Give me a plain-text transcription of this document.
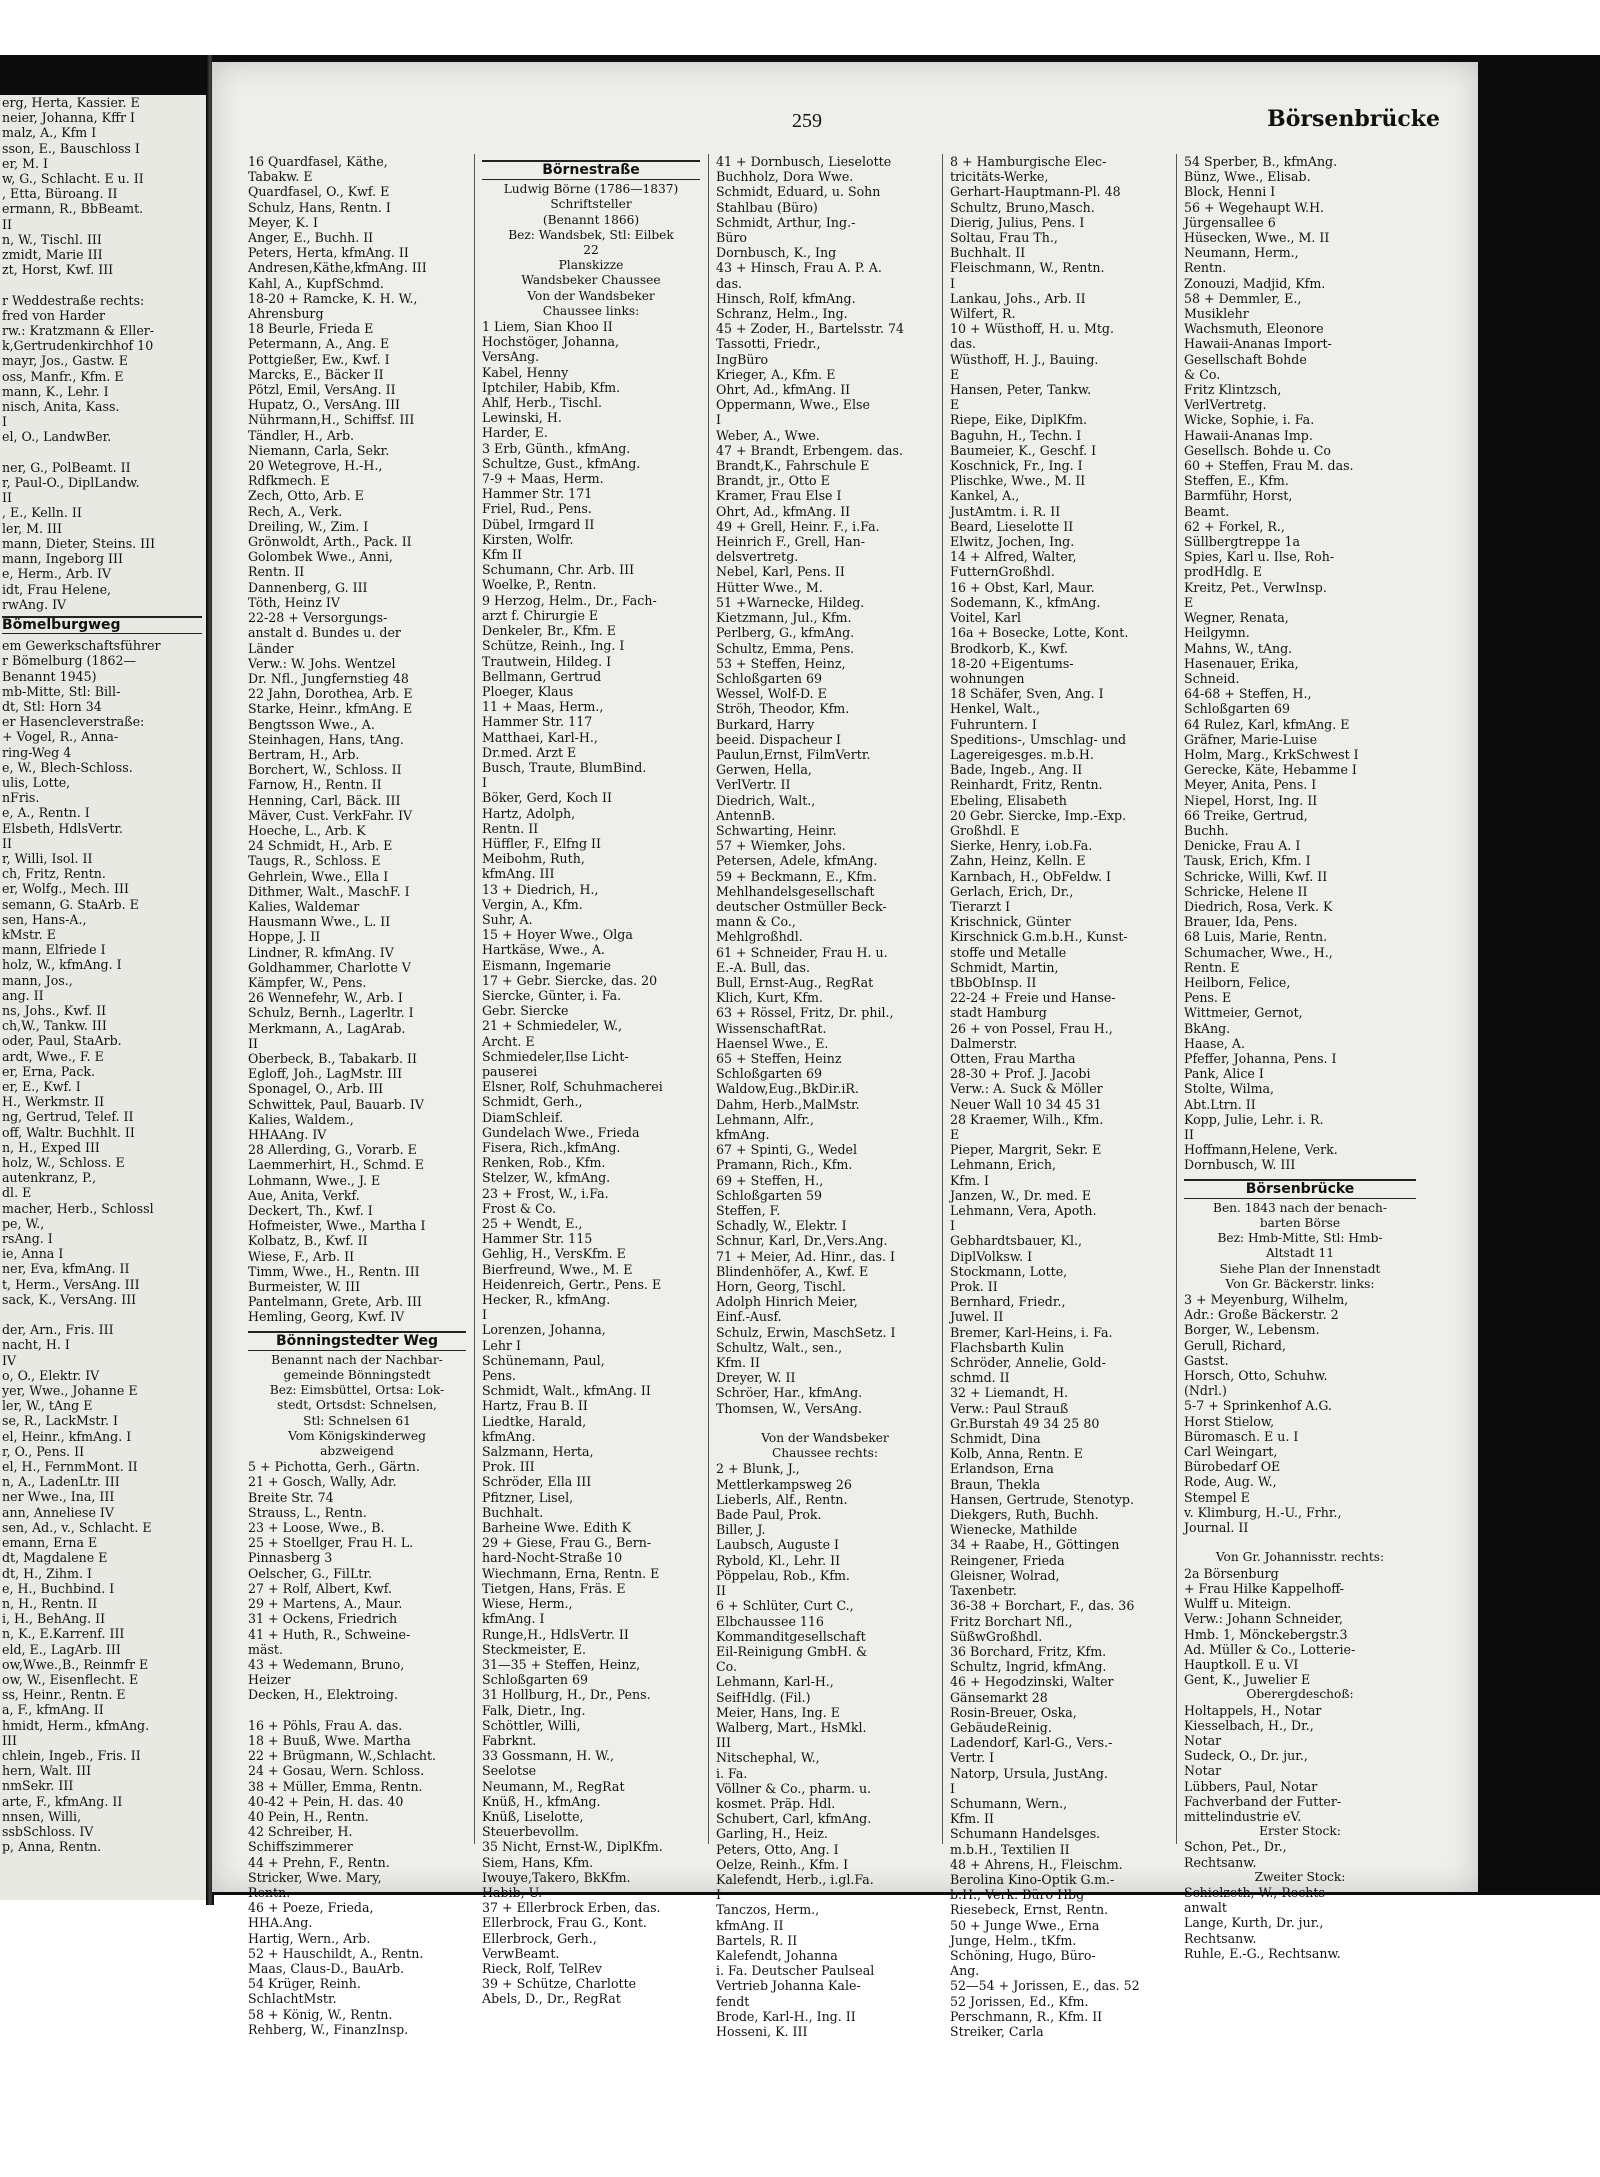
erg, Herta, Kassier. E
neier, Johanna, Kffr I
malz, A., Kfm I
sson, E., Bauschloss I
er, M. I
w, G., Schlacht. E u. II
, Etta, Büroang. II
ermann, R., BbBeamt.
II
n, W., Tischl. III
zmidt, Marie III
zt, Horst, Kwf. III

r Weddestraße rechts:
fred von Harder
rw.: Kratzmann & Eller-
k,Gertrudenkirchhof 10
mayr, Jos., Gastw. E
oss, Manfr., Kfm. E
mann, K., Lehr. I
nisch, Anita, Kass.
I
el, O., LandwBer.

ner, G., PolBeamt. II
r, Paul-O., DiplLandw.
II
, E., Kelln. II
ler, M. III
mann, Dieter, Steins. III
mann, Ingeborg III
e, Herm., Arb. IV
idt, Frau Helene,
rwAng. IV
Bömelburgweg
em Gewerkschaftsführer
r Bömelburg (1862—
Benannt 1945)
mb-Mitte, Stl: Bill-
dt, Stl: Horn 34
er Hasencleverstraße:
+ Vogel, R., Anna-
ring-Weg 4
e, W., Blech-Schloss.
ulis, Lotte,
nFris.
e, A., Rentn. I
Elsbeth, HdlsVertr.
II
r, Willi, Isol. II
ch, Fritz, Rentn.
er, Wolfg., Mech. III
semann, G. StaArb. E
sen, Hans-A.,
kMstr. E
mann, Elfriede I
holz, W., kfmAng. I
mann, Jos.,
ang. II
ns, Johs., Kwf. II
ch,W., Tankw. III
oder, Paul, StaArb.
ardt, Wwe., F. E
er, Erna, Pack.
er, E., Kwf. I
H., Werkmstr. II
ng, Gertrud, Telef. II
off, Waltr. Buchhlt. II
n, H., Exped III
holz, W., Schloss. E
autenkranz, P.,
dl. E
macher, Herb., Schlossl
pe, W.,
rsAng. I
ie, Anna I
ner, Eva, kfmAng. II
t, Herm., VersAng. III
sack, K., VersAng. III

der, Arn., Fris. III
nacht, H. I
IV
o, O., Elektr. IV
yer, Wwe., Johanne E
ler, W., tAng E
se, R., LackMstr. I
el, Heinr., kfmAng. I
r, O., Pens. II
el, H., FernmMont. II
n, A., LadenLtr. III
ner Wwe., Ina, III
ann, Anneliese IV
sen, Ad., v., Schlacht. E
emann, Erna E
dt, Magdalene E
dt, H., Zihm. I
e, H., Buchbind. I
n, H., Rentn. II
i, H., BehAng. II
n, K., E.Karrenf. III
eld, E., LagArb. III
ow,Wwe.,B., Reinmfr E
ow, W., Eisenflecht. E
ss, Heinr., Rentn. E
a, F., kfmAng. II
hmidt, Herm., kfmAng.
III
chlein, Ingeb., Fris. II
hern, Walt. III
nmSekr. III
arte, F., kfmAng. II
nnsen, Willi,
ssbSchloss. IV
p, Anna, Rentn.
259	Börsenbrücke
16 Quardfasel, Käthe,
Tabakw. E
Quardfasel, O., Kwf. E
Schulz, Hans, Rentn. I
Meyer, K. I
Anger, E., Buchh. II
Peters, Herta, kfmAng. II
Andresen,Käthe,kfmAng. III
Kahl, A., KupfSchmd.
18-20 + Ramcke, K. H. W.,
Ahrensburg
18 Beurle, Frieda E
Petermann, A., Ang. E
Pottgießer, Ew., Kwf. I
Marcks, E., Bäcker II
Pötzl, Emil, VersAng. II
Hupatz, O., VersAng. III
Nührmann,H., Schiffsf. III
Tändler, H., Arb.
Niemann, Carla, Sekr.
20 Wetegrove, H.-H.,
Rdfkmech. E
Zech, Otto, Arb. E
Rech, A., Verk.
Dreiling, W., Zim. I
Grönwoldt, Arth., Pack. II
Golombek Wwe., Anni,
Rentn. II
Dannenberg, G. III
Töth, Heinz IV
22-28 + Versorgungs-
anstalt d. Bundes u. der
Länder
Verw.: W. Johs. Wentzel
Dr. Nfl., Jungfernstieg 48
22 Jahn, Dorothea, Arb. E
Starke, Heinr., kfmAng. E
Bengtsson Wwe., A.
Steinhagen, Hans, tAng.
Bertram, H., Arb.
Borchert, W., Schloss. II
Farnow, H., Rentn. II
Henning, Carl, Bäck. III
Mäver, Cust. VerkFahr. IV
Hoeche, L., Arb. K
24 Schmidt, H., Arb. E
Taugs, R., Schloss. E
Gehrlein, Wwe., Ella I
Dithmer, Walt., MaschF. I
Kalies, Waldemar
Hausmann Wwe., L. II
Hoppe, J. II
Lindner, R. kfmAng. IV
Goldhammer, Charlotte V
Kämpfer, W., Pens.
26 Wennefehr, W., Arb. I
Schulz, Bernh., Lagerltr. I
Merkmann, A., LagArab.
II
Oberbeck, B., Tabakarb. II
Egloff, Joh., LagMstr. III
Sponagel, O., Arb. III
Schwittek, Paul, Bauarb. IV
Kalies, Waldem.,
HHAAng. IV
28 Allerding, G., Vorarb. E
Laemmerhirt, H., Schmd. E
Lohmann, Wwe., J. E
Aue, Anita, Verkf.
Deckert, Th., Kwf. I
Hofmeister, Wwe., Martha I
Kolbatz, B., Kwf. II
Wiese, F., Arb. II
Timm, Wwe., H., Rentn. III
Burmeister, W. III
Pantelmann, Grete, Arb. III
Hemling, Georg, Kwf. IV
Bönningstedter Weg
Benannt nach der Nachbar-
gemeinde Bönningstedt
Bez: Eimsbüttel, Ortsa: Lok-
stedt, Ortsdst: Schnelsen,
Stl: Schnelsen 61
Vom Königskinderweg
abzweigend
5 + Pichotta, Gerh., Gärtn.
21 + Gosch, Wally, Adr.
Breite Str. 74
Strauss, L., Rentn.
23 + Loose, Wwe., B.
25 + Stoellger, Frau H. L.
Pinnasberg 3
Oelscher, G., FilLtr.
27 + Rolf, Albert, Kwf.
29 + Martens, A., Maur.
31 + Ockens, Friedrich
41 + Huth, R., Schweine-
mäst.
43 + Wedemann, Bruno,
Heizer
Decken, H., Elektroing.

16 + Pöhls, Frau A. das.
18 + Buuß, Wwe. Martha
22 + Brügmann, W.,Schlacht.
24 + Gosau, Wern. Schloss.
38 + Müller, Emma, Rentn.
40-42 + Pein, H. das. 40
40 Pein, H., Rentn.
42 Schreiber, H.
Schiffszimmerer
44 + Prehn, F., Rentn.
Stricker, Wwe. Mary,
Rentn.
46 + Poeze, Frieda,
HHA.Ang.
Hartig, Wern., Arb.
52 + Hauschildt, A., Rentn.
Maas, Claus-D., BauArb.
54 Krüger, Reinh.
SchlachtMstr.
58 + König, W., Rentn.
Rehberg, W., FinanzInsp.
Börnestraße
Ludwig Börne (1786—1837)
Schriftsteller
(Benannt 1866)
Bez: Wandsbek, Stl: Eilbek
22
Planskizze
Wandsbeker Chaussee
Von der Wandsbeker
Chaussee links:
1 Liem, Sian Khoo II
Hochstöger, Johanna,
VersAng.
Kabel, Henny
Iptchiler, Habib, Kfm.
Ahlf, Herb., Tischl.
Lewinski, H.
Harder, E.
3 Erb, Günth., kfmAng.
Schultze, Gust., kfmAng.
7-9 + Maas, Herm.
Hammer Str. 171
Friel, Rud., Pens.
Dübel, Irmgard II
Kirsten, Wolfr.
Kfm II
Schumann, Chr. Arb. III
Woelke, P., Rentn.
9 Herzog, Helm., Dr., Fach-
arzt f. Chirurgie E
Denkeler, Br., Kfm. E
Schütze, Reinh., Ing. I
Trautwein, Hildeg. I
Bellmann, Gertrud
Ploeger, Klaus
11 + Maas, Herm.,
Hammer Str. 117
Matthaei, Karl-H.,
Dr.med. Arzt E
Busch, Traute, BlumBind.
I
Böker, Gerd, Koch II
Hartz, Adolph,
Rentn. II
Hüffler, F., Elfng II
Meibohm, Ruth,
kfmAng. III
13 + Diedrich, H.,
Vergin, A., Kfm.
Suhr, A.
15 + Hoyer Wwe., Olga
Hartkäse, Wwe., A.
Eismann, Ingemarie
17 + Gebr. Siercke, das. 20
Siercke, Günter, i. Fa.
Gebr. Siercke
21 + Schmiedeler, W.,
Archt. E
Schmiedeler,Ilse Licht-
pauserei
Elsner, Rolf, Schuhmacherei
Schmidt, Gerh.,
DiamSchleif.
Gundelach Wwe., Frieda
Fisera, Rich.,kfmAng.
Renken, Rob., Kfm.
Stelzer, W., kfmAng.
23 + Frost, W., i.Fa.
Frost & Co.
25 + Wendt, E.,
Hammer Str. 115
Gehlig, H., VersKfm. E
Bierfreund, Wwe., M. E
Heidenreich, Gertr., Pens. E
Hecker, R., kfmAng.
I
Lorenzen, Johanna,
Lehr I
Schünemann, Paul,
Pens.
Schmidt, Walt., kfmAng. II
Hartz, Frau B. II
Liedtke, Harald,
kfmAng.
Salzmann, Herta,
Prok. III
Schröder, Ella III
Pfitzner, Lisel,
Buchhalt.
Barheine Wwe. Edith K
29 + Giese, Frau G., Bern-
hard-Nocht-Straße 10
Wiechmann, Erna, Rentn. E
Tietgen, Hans, Fräs. E
Wiese, Herm.,
kfmAng. I
Runge,H., HdlsVertr. II
Steckmeister, E.
31—35 + Steffen, Heinz,
Schloßgarten 69
31 Hollburg, H., Dr., Pens.
Falk, Dietr., Ing.
Schöttler, Willi,
Fabrknt.
33 Gossmann, H. W.,
Seelotse
Neumann, M., RegRat
Knüß, H., kfmAng.
Knüß, Liselotte,
Steuerbevollm.
35 Nicht, Ernst-W., DiplKfm.
Siem, Hans, Kfm.
Iwouye,Takero, BkKfm.
Habib, U.
37 + Ellerbrock Erben, das.
Ellerbrock, Frau G., Kont.
Ellerbrock, Gerh.,
VerwBeamt.
Rieck, Rolf, TelRev
39 + Schütze, Charlotte
Abels, D., Dr., RegRat
41 + Dornbusch, Lieselotte
Buchholz, Dora Wwe.
Schmidt, Eduard, u. Sohn
Stahlbau (Büro)
Schmidt, Arthur, Ing.-
Büro
Dornbusch, K., Ing
43 + Hinsch, Frau A. P. A.
das.
Hinsch, Rolf, kfmAng.
Schranz, Helm., Ing.
45 + Zoder, H., Bartelsstr. 74
Tassotti, Friedr.,
IngBüro
Krieger, A., Kfm. E
Ohrt, Ad., kfmAng. II
Oppermann, Wwe., Else
I
Weber, A., Wwe.
47 + Brandt, Erbengem. das.
Brandt,K., Fahrschule E
Brandt, jr., Otto E
Kramer, Frau Else I
Ohrt, Ad., kfmAng. II
49 + Grell, Heinr. F., i.Fa.
Heinrich F., Grell, Han-
delsvertretg.
Nebel, Karl, Pens. II
Hütter Wwe., M.
51 +Warnecke, Hildeg.
Kietzmann, Jul., Kfm.
Perlberg, G., kfmAng.
Schultz, Emma, Pens.
53 + Steffen, Heinz,
Schloßgarten 69
Wessel, Wolf-D. E
Ströh, Theodor, Kfm.
Burkard, Harry
beeid. Dispacheur I
Paulun,Ernst, FilmVertr.
Gerwen, Hella,
VerlVertr. II
Diedrich, Walt.,
AntennB.
Schwarting, Heinr.
57 + Wiemker, Johs.
Petersen, Adele, kfmAng.
59 + Beckmann, E., Kfm.
Mehlhandelsgesellschaft
deutscher Ostmüller Beck-
mann & Co.,
Mehlgroßhdl.
61 + Schneider, Frau H. u.
E.-A. Bull, das.
Bull, Ernst-Aug., RegRat
Klich, Kurt, Kfm.
63 + Rössel, Fritz, Dr. phil.,
WissenschaftRat.
Haensel Wwe., E.
65 + Steffen, Heinz
Schloßgarten 69
Waldow,Eug.,BkDir.iR.
Dahm, Herb.,MalMstr.
Lehmann, Alfr.,
kfmAng.
67 + Spinti, G., Wedel
Pramann, Rich., Kfm.
69 + Steffen, H.,
Schloßgarten 59
Steffen, F.
Schadly, W., Elektr. I
Schnur, Karl, Dr.,Vers.Ang.
71 + Meier, Ad. Hinr., das. I
Blindenhöfer, A., Kwf. E
Horn, Georg, Tischl.
Adolph Hinrich Meier,
Einf.-Ausf.
Schulz, Erwin, MaschSetz. I
Schultz, Walt., sen.,
Kfm. II
Dreyer, W. II
Schröer, Har., kfmAng.
Thomsen, W., VersAng.

Von der Wandsbeker
Chaussee rechts:
2 + Blunk, J.,
Mettlerkampsweg 26
Lieberls, Alf., Rentn.
Bade Paul, Prok.
Biller, J.
Laubsch, Auguste I
Rybold, Kl., Lehr. II
Pöppelau, Rob., Kfm.
II
6 + Schlüter, Curt C.,
Elbchaussee 116
Kommanditgesellschaft
Eil-Reinigung GmbH. &
Co.
Lehmann, Karl-H.,
SeifHdlg. (Fil.)
Meier, Hans, Ing. E
Walberg, Mart., HsMkl.
III
Nitschephal, W.,
i. Fa.
Völlner & Co., pharm. u.
kosmet. Präp. Hdl.
Schubert, Carl, kfmAng.
Garling, H., Heiz.
Peters, Otto, Ang. I
Oelze, Reinh., Kfm. I
Kalefendt, Herb., i.gl.Fa.
I
Tanczos, Herm.,
kfmAng. II
Bartels, R. II
Kalefendt, Johanna
i. Fa. Deutscher Paulseal
Vertrieb Johanna Kale-
fendt
Brode, Karl-H., Ing. II
Hosseni, K. III
8 + Hamburgische Elec-
tricitäts-Werke,
Gerhart-Hauptmann-Pl. 48
Schultz, Bruno,Masch.
Dierig, Julius, Pens. I
Soltau, Frau Th.,
Buchhalt. II
Fleischmann, W., Rentn.
I
Lankau, Johs., Arb. II
Wilfert, R.
10 + Wüsthoff, H. u. Mtg.
das.
Wüsthoff, H. J., Bauing.
E
Hansen, Peter, Tankw.
E
Riepe, Eike, DiplKfm.
Baguhn, H., Techn. I
Baumeier, K., Geschf. I
Koschnick, Fr., Ing. I
Plischke, Wwe., M. II
Kankel, A.,
JustAmtm. i. R. II
Beard, Lieselotte II
Elwitz, Jochen, Ing.
14 + Alfred, Walter,
FutternGroßhdl.
16 + Obst, Karl, Maur.
Sodemann, K., kfmAng.
Voitel, Karl
16a + Bosecke, Lotte, Kont.
Brodkorb, K., Kwf.
18-20 +Eigentums-
wohnungen
18 Schäfer, Sven, Ang. I
Henkel, Walt.,
Fuhruntern. I
Speditions-, Umschlag- und
Lagereigesges. m.b.H.
Bade, Ingeb., Ang. II
Reinhardt, Fritz, Rentn.
Ebeling, Elisabeth
20 Gebr. Siercke, Imp.-Exp.
Großhdl. E
Sierke, Henry, i.ob.Fa.
Zahn, Heinz, Kelln. E
Karnbach, H., ObFeldw. I
Gerlach, Erich, Dr.,
Tierarzt I
Krischnick, Günter
Kirschnick G.m.b.H., Kunst-
stoffe und Metalle
Schmidt, Martin,
tBbObInsp. II
22-24 + Freie und Hanse-
stadt Hamburg
26 + von Possel, Frau H.,
Dalmerstr.
Otten, Frau Martha
28-30 + Prof. J. Jacobi
Verw.: A. Suck & Möller
Neuer Wall 10 34 45 31
28 Kraemer, Wilh., Kfm.
E
Pieper, Margrit, Sekr. E
Lehmann, Erich,
Kfm. I
Janzen, W., Dr. med. E
Lehmann, Vera, Apoth.
I
Gebhardtsbauer, Kl.,
DiplVolksw. I
Stockmann, Lotte,
Prok. II
Bernhard, Friedr.,
Juwel. II
Bremer, Karl-Heins, i. Fa.
Flachsbarth Kulin
Schröder, Annelie, Gold-
schmd. II
32 + Liemandt, H.
Verw.: Paul Strauß
Gr.Burstah 49 34 25 80
Schmidt, Dina
Kolb, Anna, Rentn. E
Erlandson, Erna
Braun, Thekla
Hansen, Gertrude, Stenotyp.
Diekgers, Ruth, Buchh.
Wienecke, Mathilde
34 + Raabe, H., Göttingen
Reingener, Frieda
Gleisner, Wolrad,
Taxenbetr.
36-38 + Borchart, F., das. 36
Fritz Borchart Nfl.,
SüßwGroßhdl.
36 Borchard, Fritz, Kfm.
Schultz, Ingrid, kfmAng.
46 + Hegodzinski, Walter
Gänsemarkt 28
Rosin-Breuer, Oska,
GebäudeReinig.
Ladendorf, Karl-G., Vers.-
Vertr. I
Natorp, Ursula, JustAng.
I
Schumann, Wern.,
Kfm. II
Schumann Handelsges.
m.b.H., Textilien II
48 + Ahrens, H., Fleischm.
Berolina Kino-Optik G.m.-
b.H., Verk. Büro Hbg
Riesebeck, Ernst, Rentn.
50 + Junge Wwe., Erna
Junge, Helm., tKfm.
Schöning, Hugo, Büro-
Ang.
52—54 + Jorissen, E., das. 52
52 Jorissen, Ed., Kfm.
Perschmann, R., Kfm. II
Streiker, Carla
54 Sperber, B., kfmAng.
Bünz, Wwe., Elisab.
Block, Henni I
56 + Wegehaupt W.H.
Jürgensallee 6
Hüsecken, Wwe., M. II
Neumann, Herm.,
Rentn.
Zonouzi, Madjid, Kfm.
58 + Demmler, E.,
Musiklehr
Wachsmuth, Eleonore
Hawaii-Ananas Import-
Gesellschaft Bohde
& Co.
Fritz Klintzsch,
VerlVertretg.
Wicke, Sophie, i. Fa.
Hawaii-Ananas Imp.
Gesellsch. Bohde u. Co
60 + Steffen, Frau M. das.
Steffen, E., Kfm.
Barmführ, Horst,
Beamt.
62 + Forkel, R.,
Süllbergtreppe 1a
Spies, Karl u. Ilse, Roh-
prodHdlg. E
Kreitz, Pet., VerwInsp.
E
Wegner, Renata,
Heilgymn.
Mahns, W., tAng.
Hasenauer, Erika,
Schneid.
64-68 + Steffen, H.,
Schloßgarten 69
64 Rulez, Karl, kfmAng. E
Gräfner, Marie-Luise
Holm, Marg., KrkSchwest I
Gerecke, Käte, Hebamme I
Meyer, Anita, Pens. I
Niepel, Horst, Ing. II
66 Treike, Gertrud,
Buchh.
Denicke, Frau A. I
Tausk, Erich, Kfm. I
Schricke, Willi, Kwf. II
Schricke, Helene II
Diedrich, Rosa, Verk. K
Brauer, Ida, Pens.
68 Luis, Marie, Rentn.
Schumacher, Wwe., H.,
Rentn. E
Heilborn, Felice,
Pens. E
Wittmeier, Gernot,
BkAng.
Haase, A.
Pfeffer, Johanna, Pens. I
Pank, Alice I
Stolte, Wilma,
Abt.Ltrn. II
Kopp, Julie, Lehr. i. R.
II
Hoffmann,Helene, Verk.
Dornbusch, W. III
Börsenbrücke
Ben. 1843 nach der benach-
barten Börse
Bez: Hmb-Mitte, Stl: Hmb-
Altstadt 11
Siehe Plan der Innenstadt
Von Gr. Bäckerstr. links:
3 + Meyenburg, Wilhelm,
Adr.: Große Bäckerstr. 2
Borger, W., Lebensm.
Gerull, Richard,
Gastst.
Horsch, Otto, Schuhw.
(Ndrl.)
5-7 + Sprinkenhof A.G.
Horst Stielow,
Büromasch. E u. I
Carl Weingart,
Bürobedarf OE
Rode, Aug. W.,
Stempel E
v. Klimburg, H.-U., Frhr.,
Journal. II

Von Gr. Johannisstr. rechts:
2a Börsenburg
+ Frau Hilke Kappelhoff-
Wulff u. Miteign.
Verw.: Johann Schneider,
Hmb. 1, Mönckebergstr.3
Ad. Müller & Co., Lotterie-
Hauptkoll. E u. VI
Gent, K., Juwelier E
Oberergdeschoß:
Holtappels, H., Notar
Kiesselbach, H., Dr.,
Notar
Sudeck, O., Dr. jur.,
Notar
Lübbers, Paul, Notar
Fachverband der Futter-
mittelindustrie eV.
Erster Stock:
Schon, Pet., Dr.,
Rechtsanw.
Zweiter Stock:
Schielzeth, W., Rechts-
anwalt
Lange, Kurth, Dr. jur.,
Rechtsanw.
Ruhle, E.-G., Rechtsanw.
